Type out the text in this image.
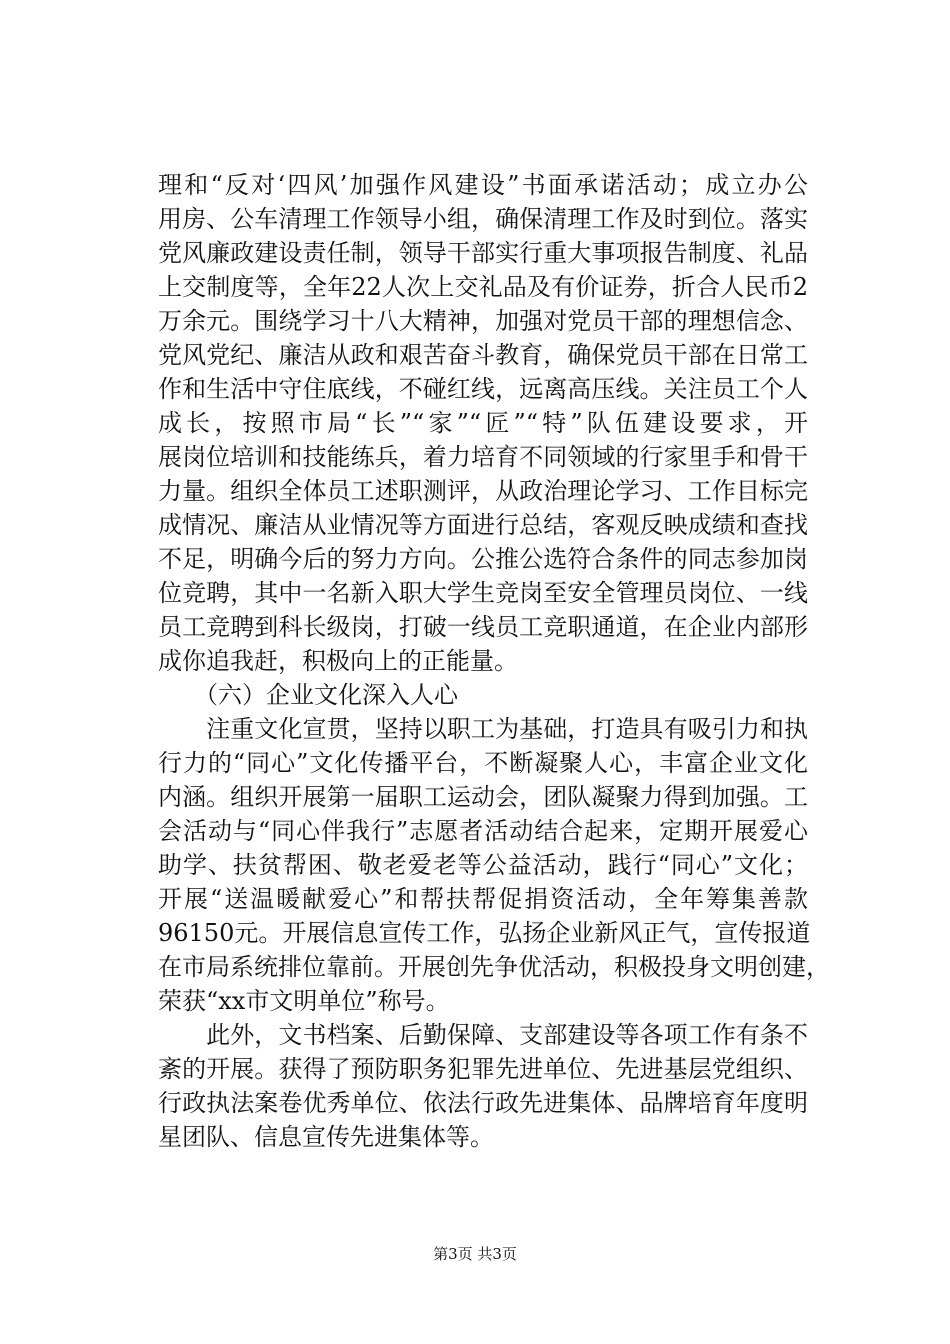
理和“反对‘四风’加强作风建设”书面承诺活动；成立办公
用房、公车清理工作领导小组，确保清理工作及时到位。落实
党风廉政建设责任制，领导干部实行重大事项报告制度、礼品
上交制度等，全年22人次上交礼品及有价证券，折合人民币2
万余元。围绕学习十八大精神，加强对党员干部的理想信念、
党风党纪、廉洁从政和艰苦奋斗教育，确保党员干部在日常工
作和生活中守住底线，不碰红线，远离高压线。关注员工个人
成长，按照市局“长”“家”“匠”“特”队伍建设要求，开
展岗位培训和技能练兵，着力培育不同领域的行家里手和骨干
力量。组织全体员工述职测评，从政治理论学习、工作目标完
成情况、廉洁从业情况等方面进行总结，客观反映成绩和查找
不足，明确今后的努力方向。公推公选符合条件的同志参加岗
位竞聘，其中一名新入职大学生竞岗至安全管理员岗位、一线
员工竞聘到科长级岗，打破一线员工竞职通道，在企业内部形
成你追我赶，积极向上的正能量。
　　（六）企业文化深入人心
　　注重文化宣贯，坚持以职工为基础，打造具有吸引力和执
行力的“同心”文化传播平台，不断凝聚人心，丰富企业文化
内涵。组织开展第一届职工运动会，团队凝聚力得到加强。工
会活动与“同心伴我行”志愿者活动结合起来，定期开展爱心
助学、扶贫帮困、敬老爱老等公益活动，践行“同心”文化；
开展“送温暖献爱心”和帮扶帮促捐资活动，全年筹集善款
96150元。开展信息宣传工作，弘扬企业新风正气，宣传报道
在市局系统排位靠前。开展创先争优活动，积极投身文明创建，
荣获“xx市文明单位”称号。
　　此外，文书档案、后勤保障、支部建设等各项工作有条不
紊的开展。获得了预防职务犯罪先进单位、先进基层党组织、
行政执法案卷优秀单位、依法行政先进集体、品牌培育年度明
星团队、信息宣传先进集体等。
第3页 共3页
